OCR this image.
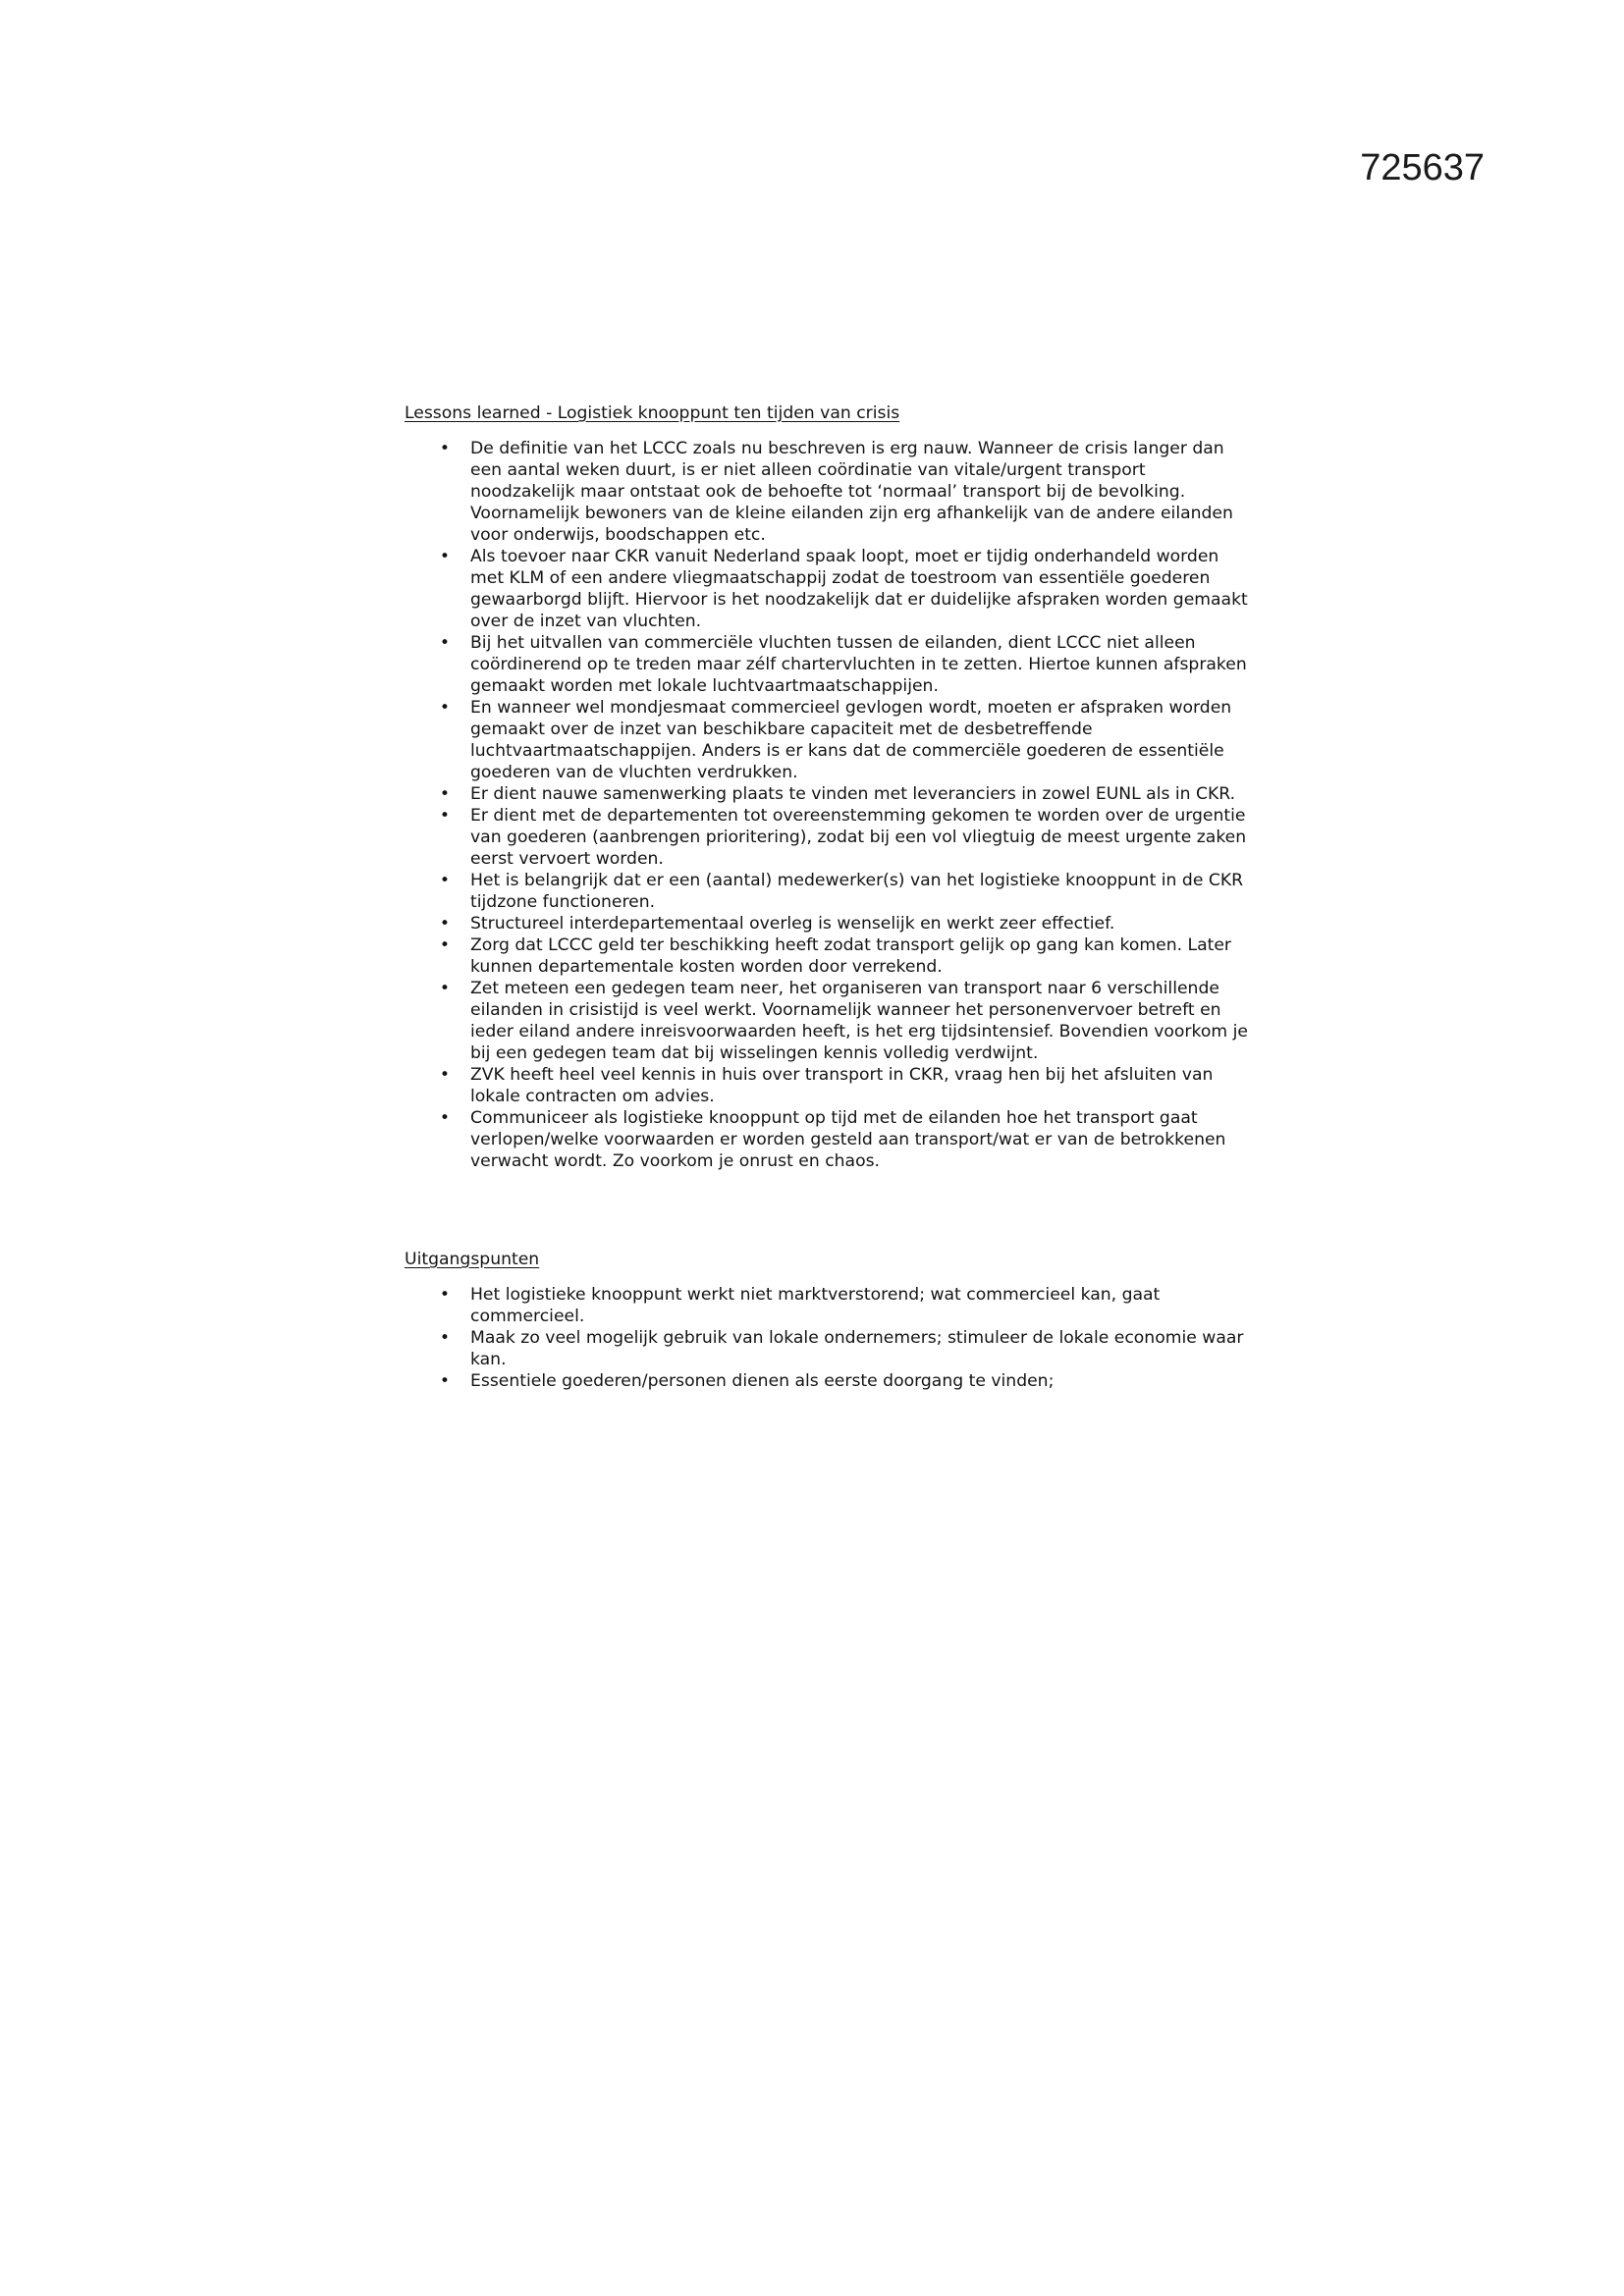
725637
Lessons learned - Logistiek knooppunt ten tijden van crisis
• De definitie van het LCCC zoals nu beschreven is erg nauw. Wanneer de crisis langer dan een aantal weken duurt, is er niet alleen coördinatie van vitale/urgent transport noodzakelijk maar ontstaat ook de behoefte tot ‘normaal’ transport bij de bevolking. Voornamelijk bewoners van de kleine eilanden zijn erg afhankelijk van de andere eilanden voor onderwijs, boodschappen etc.
• Als toevoer naar CKR vanuit Nederland spaak loopt, moet er tijdig onderhandeld worden met KLM of een andere vliegmaatschappij zodat de toestroom van essentiële goederen gewaarborgd blijft. Hiervoor is het noodzakelijk dat er duidelijke afspraken worden gemaakt over de inzet van vluchten.
• Bij het uitvallen van commerciële vluchten tussen de eilanden, dient LCCC niet alleen coördinerend op te treden maar zélf chartervluchten in te zetten. Hiertoe kunnen afspraken gemaakt worden met lokale luchtvaartmaatschappijen.
• En wanneer wel mondjesmaat commercieel gevlogen wordt, moeten er afspraken worden gemaakt over de inzet van beschikbare capaciteit met de desbetreffende luchtvaartmaatschappijen. Anders is er kans dat de commerciële goederen de essentiële goederen van de vluchten verdrukken.
• Er dient nauwe samenwerking plaats te vinden met leveranciers in zowel EUNL als in CKR.
• Er dient met de departementen tot overeenstemming gekomen te worden over de urgentie van goederen (aanbrengen prioritering), zodat bij een vol vliegtuig de meest urgente zaken eerst vervoert worden.
• Het is belangrijk dat er een (aantal) medewerker(s) van het logistieke knooppunt in de CKR tijdzone functioneren.
• Structureel interdepartementaal overleg is wenselijk en werkt zeer effectief.
• Zorg dat LCCC geld ter beschikking heeft zodat transport gelijk op gang kan komen. Later kunnen departementale kosten worden door verrekend.
• Zet meteen een gedegen team neer, het organiseren van transport naar 6 verschillende eilanden in crisistijd is veel werkt. Voornamelijk wanneer het personenvervoer betreft en ieder eiland andere inreisvoorwaarden heeft, is het erg tijdsintensief. Bovendien voorkom je bij een gedegen team dat bij wisselingen kennis volledig verdwijnt.
• ZVK heeft heel veel kennis in huis over transport in CKR, vraag hen bij het afsluiten van lokale contracten om advies.
• Communiceer als logistieke knooppunt op tijd met de eilanden hoe het transport gaat verlopen/welke voorwaarden er worden gesteld aan transport/wat er van de betrokkenen verwacht wordt. Zo voorkom je onrust en chaos.
Uitgangspunten
• Het logistieke knooppunt werkt niet marktverstorend; wat commercieel kan, gaat commercieel.
• Maak zo veel mogelijk gebruik van lokale ondernemers; stimuleer de lokale economie waar kan.
• Essentiele goederen/personen dienen als eerste doorgang te vinden;
